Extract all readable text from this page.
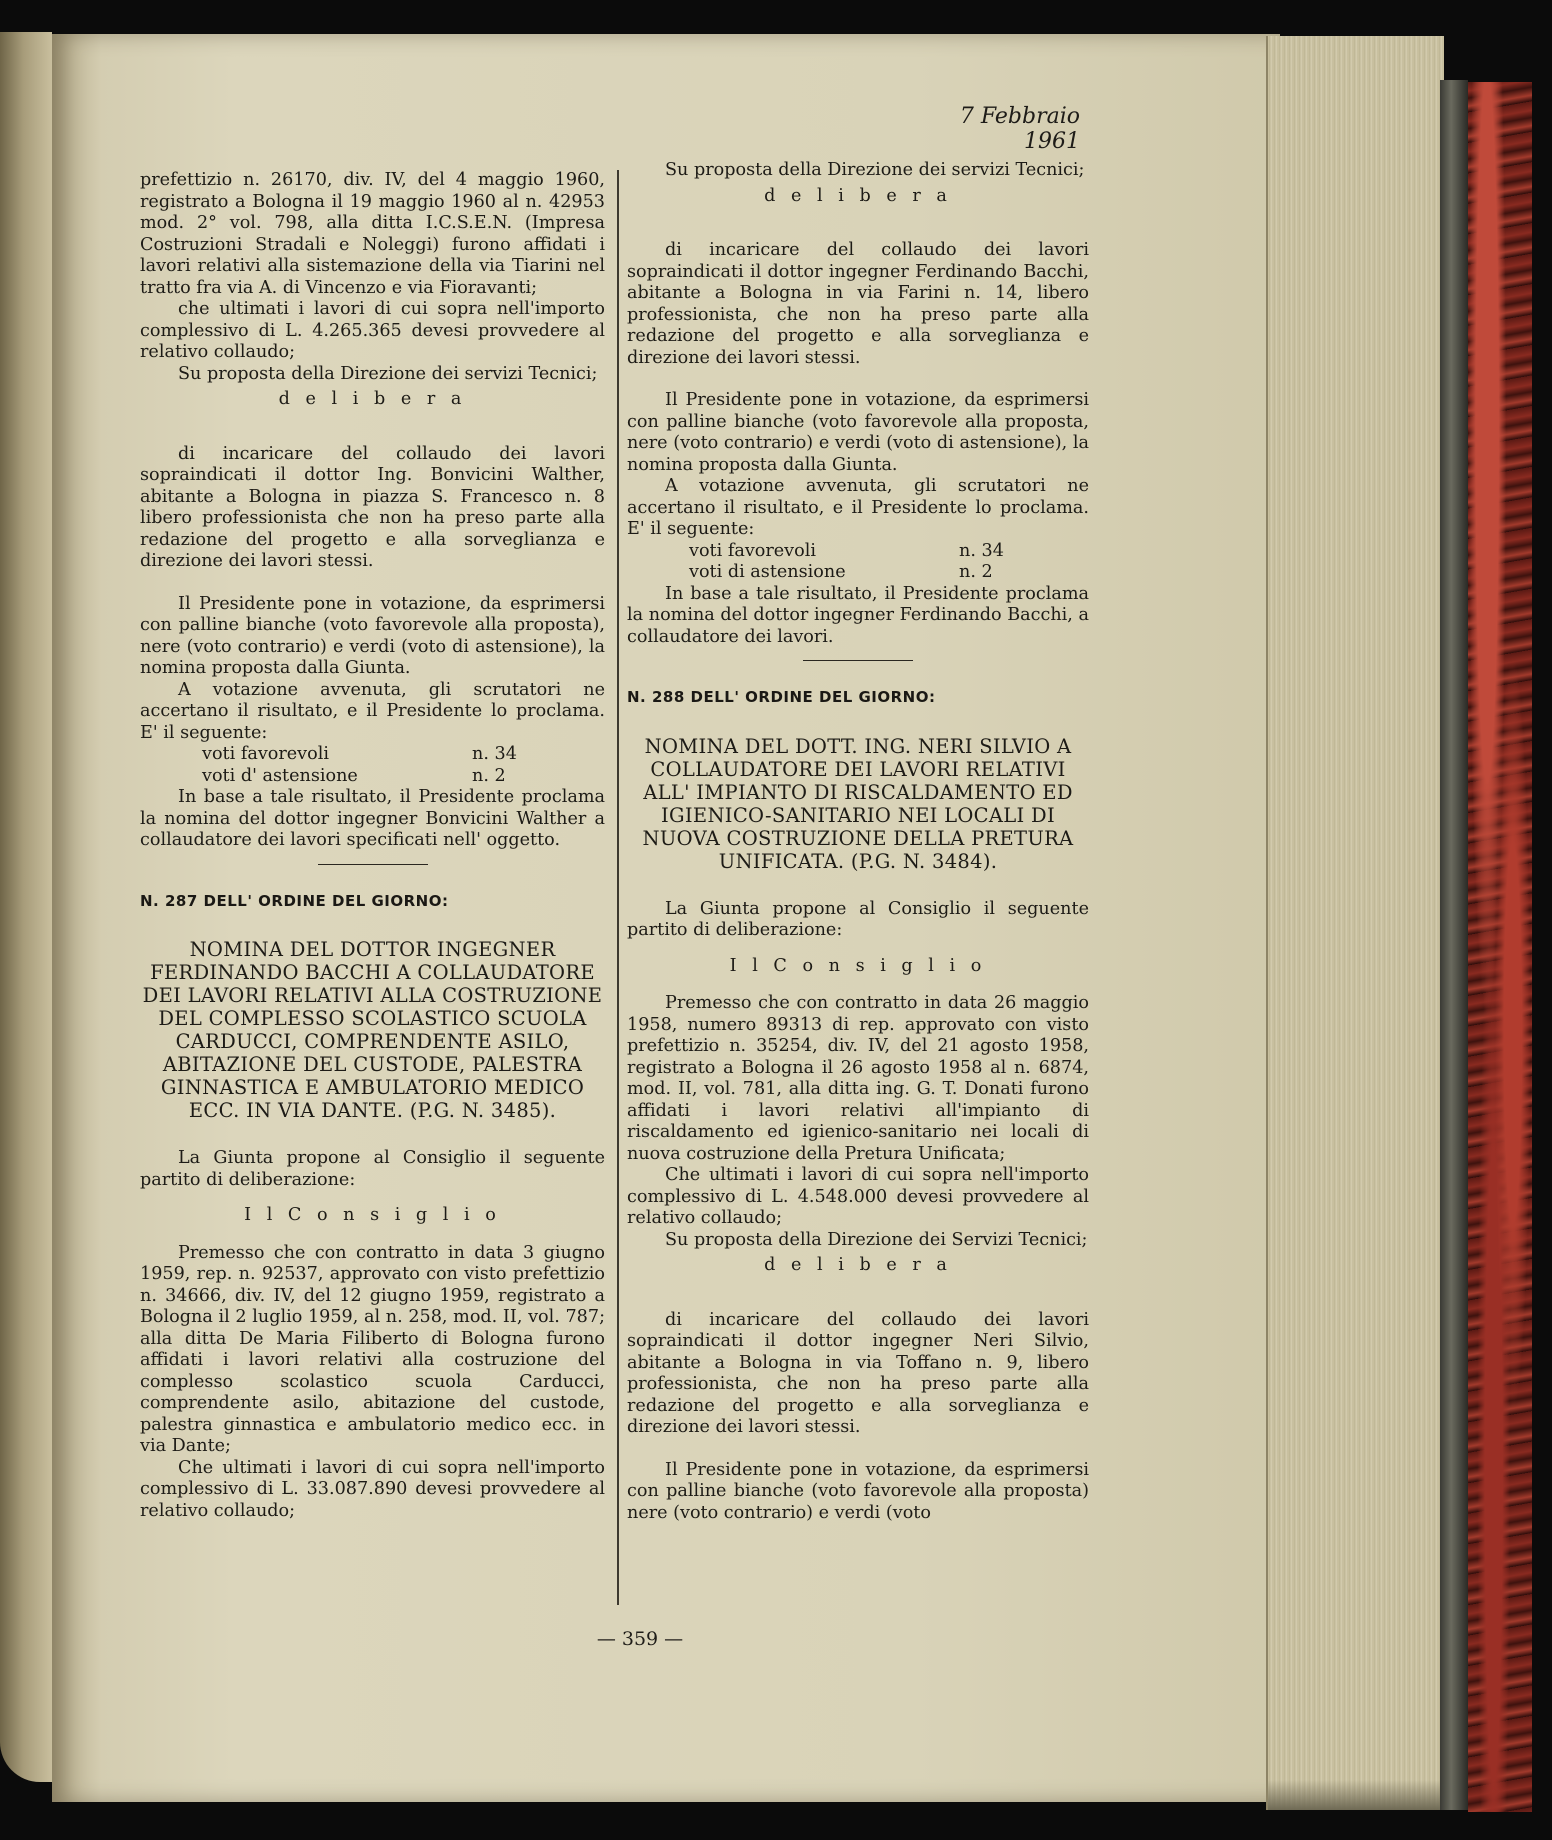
7 Febbraio 1961

prefettizio n. 26170, div. IV, del 4 maggio 1960, registrato a Bologna il 19 maggio 1960 al n. 42953 mod. 2° vol. 798, alla ditta I.C.S.E.N. (Impresa Costruzioni Stradali e Noleggi) furono affidati i lavori relativi alla sistemazione della via Tiarini nel tratto fra via A. di Vincenzo e via Fioravanti;

che ultimati i lavori di cui sopra nell'importo complessivo di L. 4.265.365 devesi provvedere al relativo collaudo;

Su proposta della Direzione dei servizi Tecnici;

d e l i b e r a

di incaricare del collaudo dei lavori sopraindicati il dottor Ing. Bonvicini Walther, abitante a Bologna in piazza S. Francesco n. 8 libero professionista che non ha preso parte alla redazione del progetto e alla sorveglianza e direzione dei lavori stessi.

Il Presidente pone in votazione, da esprimersi con palline bianche (voto favorevole alla proposta), nere (voto contrario) e verdi (voto di astensione), la nomina proposta dalla Giunta.

A votazione avvenuta, gli scrutatori ne accertano il risultato, e il Presidente lo proclama. E' il seguente:

voti favorevoli	n. 34
voti d' astensione	n. 2

In base a tale risultato, il Presidente proclama la nomina del dottor ingegner Bonvicini Walther a collaudatore dei lavori specificati nell' oggetto.

N. 287 DELL' ORDINE DEL GIORNO:

NOMINA DEL DOTTOR INGEGNER FERDINANDO BACCHI A COLLAUDATORE DEI LAVORI RELATIVI ALLA COSTRUZIONE DEL COMPLESSO SCOLASTICO SCUOLA CARDUCCI, COMPRENDENTE ASILO, ABITAZIONE DEL CUSTODE, PALESTRA GINNASTICA E AMBULATORIO MEDICO ECC. IN VIA DANTE. (P.G. N. 3485).

La Giunta propone al Consiglio il seguente partito di deliberazione:

I l C o n s i g l i o

Premesso che con contratto in data 3 giugno 1959, rep. n. 92537, approvato con visto prefettizio n. 34666, div. IV, del 12 giugno 1959, registrato a Bologna il 2 luglio 1959, al n. 258, mod. II, vol. 787; alla ditta De Maria Filiberto di Bologna furono affidati i lavori relativi alla costruzione del complesso scolastico scuola Carducci, comprendente asilo, abitazione del custode, palestra ginnastica e ambulatorio medico ecc. in via Dante;

Che ultimati i lavori di cui sopra nell'importo complessivo di L. 33.087.890 devesi provvedere al relativo collaudo;

Su proposta della Direzione dei servizi Tecnici;

d e l i b e r a

di incaricare del collaudo dei lavori sopraindicati il dottor ingegner Ferdinando Bacchi, abitante a Bologna in via Farini n. 14, libero professionista, che non ha preso parte alla redazione del progetto e alla sorveglianza e direzione dei lavori stessi.

Il Presidente pone in votazione, da esprimersi con palline bianche (voto favorevole alla proposta, nere (voto contrario) e verdi (voto di astensione), la nomina proposta dalla Giunta.

A votazione avvenuta, gli scrutatori ne accertano il risultato, e il Presidente lo proclama. E' il seguente:

voti favorevoli	n. 34
voti di astensione	n. 2

In base a tale risultato, il Presidente proclama la nomina del dottor ingegner Ferdinando Bacchi, a collaudatore dei lavori.

N. 288 DELL' ORDINE DEL GIORNO:

NOMINA DEL DOTT. ING. NERI SILVIO A COLLAUDATORE DEI LAVORI RELATIVI ALL' IMPIANTO DI RISCALDAMENTO ED IGIENICO-SANITARIO NEI LOCALI DI NUOVA COSTRUZIONE DELLA PRETURA UNIFICATA. (P.G. N. 3484).

La Giunta propone al Consiglio il seguente partito di deliberazione:

I l C o n s i g l i o

Premesso che con contratto in data 26 maggio 1958, numero 89313 di rep. approvato con visto prefettizio n. 35254, div. IV, del 21 agosto 1958, registrato a Bologna il 26 agosto 1958 al n. 6874, mod. II, vol. 781, alla ditta ing. G. T. Donati furono affidati i lavori relativi all'impianto di riscaldamento ed igienico-sanitario nei locali di nuova costruzione della Pretura Unificata;

Che ultimati i lavori di cui sopra nell'importo complessivo di L. 4.548.000 devesi provvedere al relativo collaudo;

Su proposta della Direzione dei Servizi Tecnici;

d e l i b e r a

di incaricare del collaudo dei lavori sopraindicati il dottor ingegner Neri Silvio, abitante a Bologna in via Toffano n. 9, libero professionista, che non ha preso parte alla redazione del progetto e alla sorveglianza e direzione dei lavori stessi.

Il Presidente pone in votazione, da esprimersi con palline bianche (voto favorevole alla proposta) nere (voto contrario) e verdi (voto

— 359 —
